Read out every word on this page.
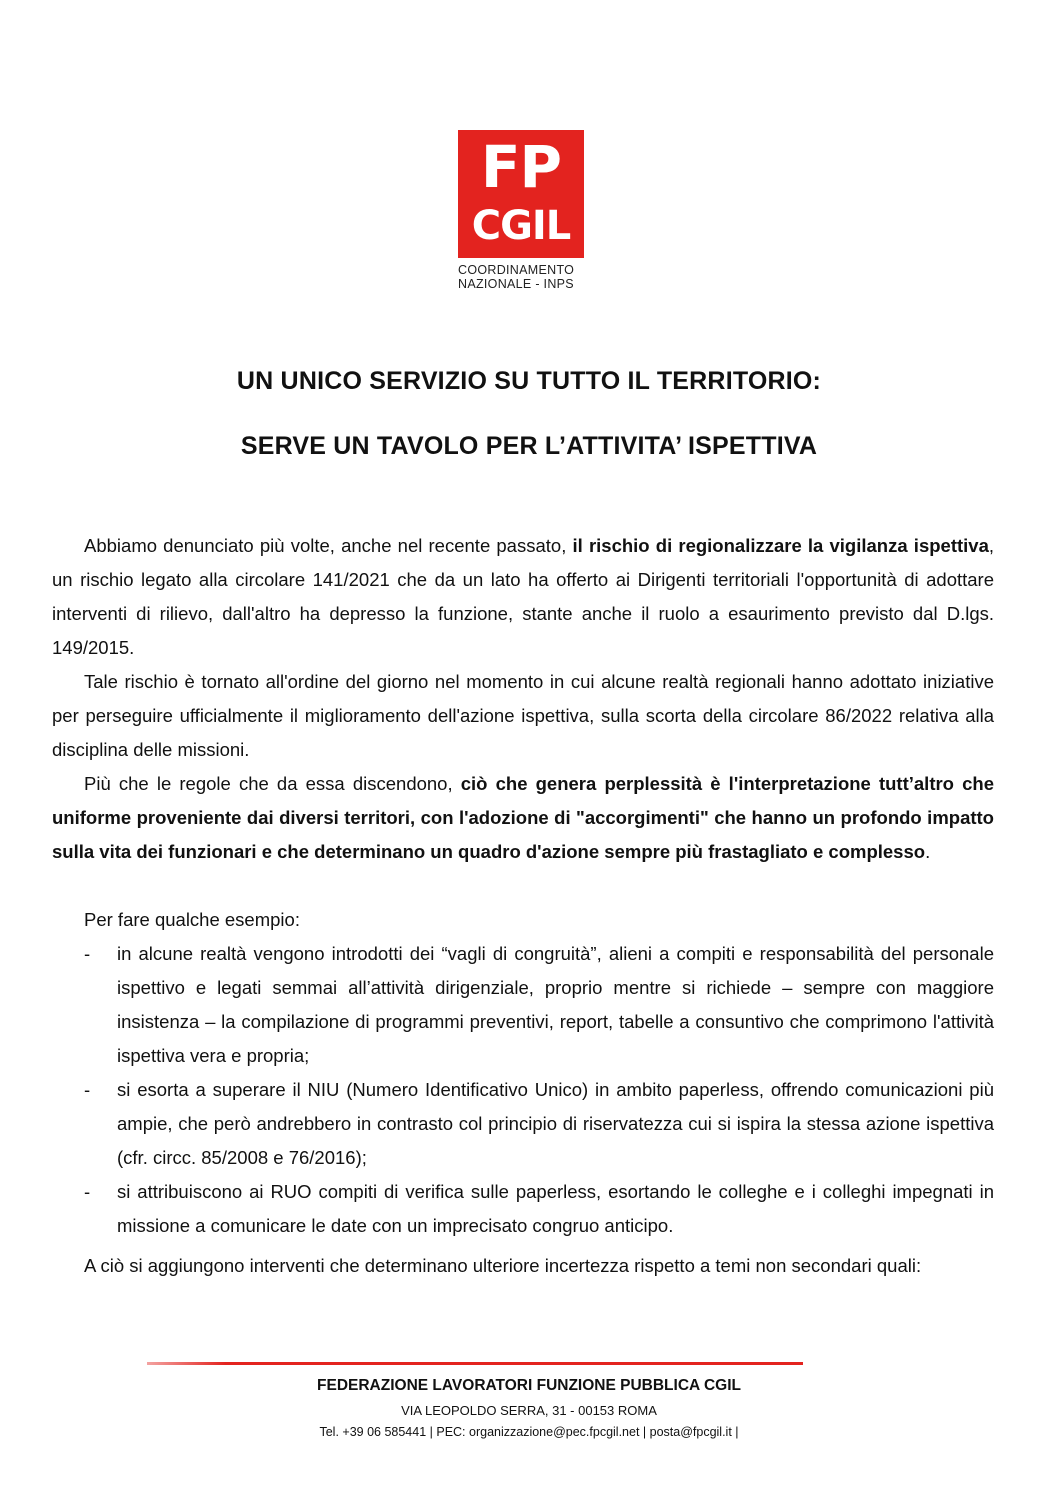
FP
CGIL
COORDINAMENTO
NAZIONALE - INPS
UN UNICO SERVIZIO SU TUTTO IL TERRITORIO:
SERVE UN TAVOLO PER L’ATTIVITA’ ISPETTIVA

Abbiamo denunciato più volte, anche nel recente passato, il rischio di regionalizzare la vigilanza ispettiva, un rischio legato alla circolare 141/2021 che da un lato ha offerto ai Dirigenti territoriali l'opportunità di adottare interventi di rilievo, dall'altro ha depresso la funzione, stante anche il ruolo a esaurimento previsto dal D.lgs. 149/2015.

Tale rischio è tornato all'ordine del giorno nel momento in cui alcune realtà regionali hanno adottato iniziative per perseguire ufficialmente il miglioramento dell'azione ispettiva, sulla scorta della circolare 86/2022 relativa alla disciplina delle missioni.

Più che le regole che da essa discendono, ciò che genera perplessità è l'interpretazione tutt’altro che uniforme proveniente dai diversi territori, con l'adozione di "accorgimenti" che hanno un profondo impatto sulla vita dei funzionari e che determinano un quadro d'azione sempre più frastagliato e complesso.

Per fare qualche esempio:
- in alcune realtà vengono introdotti dei “vagli di congruità”, alieni a compiti e responsabilità del personale ispettivo e legati semmai all’attività dirigenziale, proprio mentre si richiede – sempre con maggiore insistenza – la compilazione di programmi preventivi, report, tabelle a consuntivo che comprimono l'attività ispettiva vera e propria;
- si esorta a superare il NIU (Numero Identificativo Unico) in ambito paperless, offrendo comunicazioni più ampie, che però andrebbero in contrasto col principio di riservatezza cui si ispira la stessa azione ispettiva (cfr. circc. 85/2008 e 76/2016);
- si attribuiscono ai RUO compiti di verifica sulle paperless, esortando le colleghe e i colleghi impegnati in missione a comunicare le date con un imprecisato congruo anticipo.

A ciò si aggiungono interventi che determinano ulteriore incertezza rispetto a temi non secondari quali:

FEDERAZIONE LAVORATORI FUNZIONE PUBBLICA CGIL
VIA LEOPOLDO SERRA, 31 - 00153 ROMA
Tel. +39 06 585441 | PEC: organizzazione@pec.fpcgil.net | posta@fpcgil.it |
